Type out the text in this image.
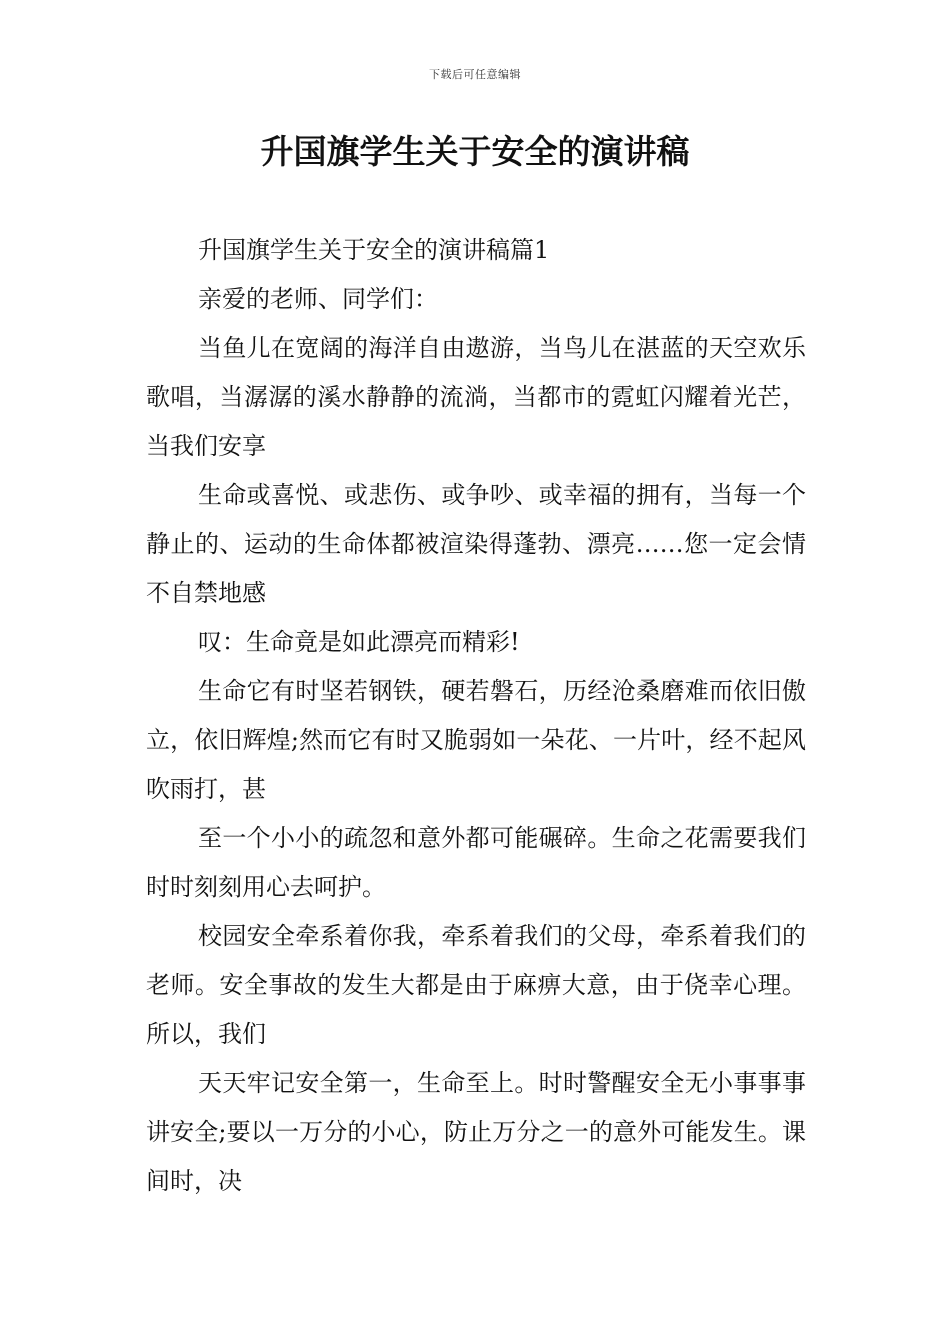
下载后可任意编辑
升国旗学生关于安全的演讲稿

升国旗学生关于安全的演讲稿篇1

亲爱的老师、同学们：

当鱼儿在宽阔的海洋自由遨游，当鸟儿在湛蓝的天空欢乐歌唱，当潺潺的溪水静静的流淌，当都市的霓虹闪耀着光芒，当我们安享

生命或喜悦、或悲伤、或争吵、或幸福的拥有，当每一个静止的、运动的生命体都被渲染得蓬勃、漂亮……您一定会情不自禁地感

叹：生命竟是如此漂亮而精彩!

生命它有时坚若钢铁，硬若磐石，历经沧桑磨难而依旧傲立，依旧辉煌;然而它有时又脆弱如一朵花、一片叶，经不起风吹雨打，甚

至一个小小的疏忽和意外都可能碾碎。生命之花需要我们时时刻刻用心去呵护。

校园安全牵系着你我，牵系着我们的父母，牵系着我们的老师。安全事故的发生大都是由于麻痹大意，由于侥幸心理。所以，我们

天天牢记安全第一，生命至上。时时警醒安全无小事事事讲安全;要以一万分的小心，防止万分之一的意外可能发生。课间时，决
